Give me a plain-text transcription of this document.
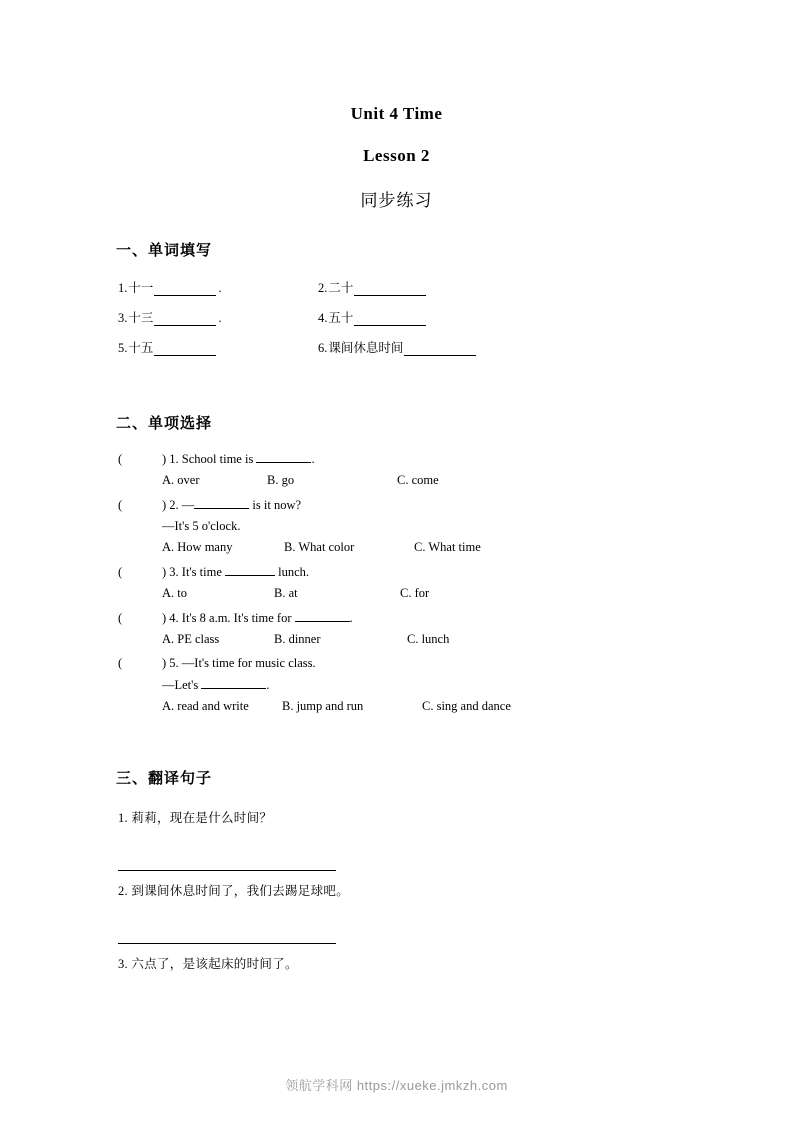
Unit 4 Time
Lesson 2
同步练习
一、单词填写
1. 十一	.	2. 二十
3. 十三	.	4. 五十
5. 十五	6. 课间休息时间
二、单项选择
(	) 1. School time is	.
A. over	B. go	C. come
(	) 2. —	is it now?
—It's 5 o'clock.
A. How many	B. What color	C. What time
(	) 3. It's time	lunch.
A. to	B. at	C. for
(	) 4. It's 8 a.m. It's time for	.
A. PE class	B. dinner	C. lunch
(	) 5. —It's time for music class.
—Let's	.
A. read and write	B. jump and run	C. sing and dance
三、翻译句子
1. 莉莉，现在是什么时间？
2. 到课间休息时间了，我们去踢足球吧。
3. 六点了，是该起床的时间了。
领航学科网 https://xueke.jmkzh.com
